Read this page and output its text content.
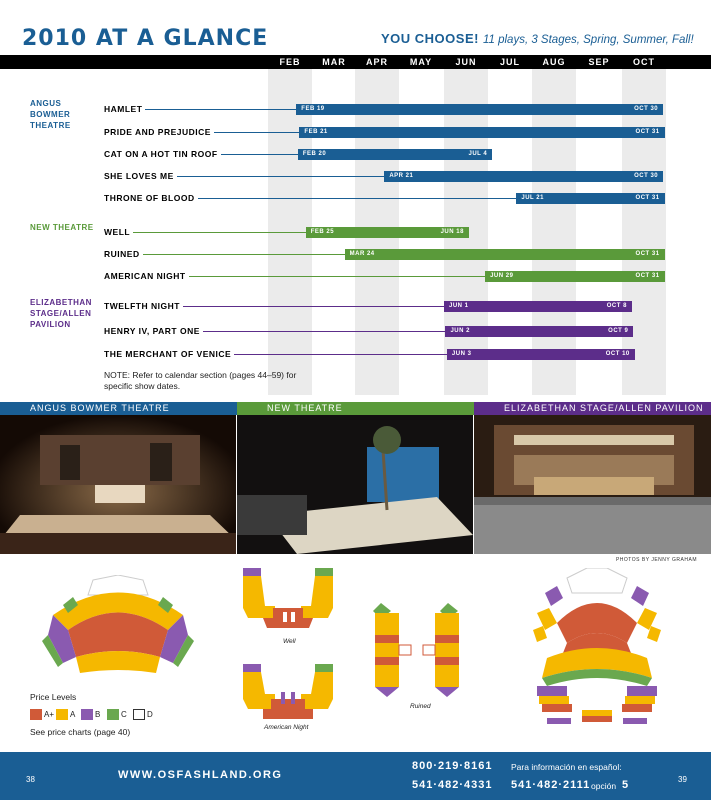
2010 AT A GLANCE	YOU CHOOSE! 11 plays, 3 Stages, Spring, Summer, Fall!
FEB	MAR	APR	MAY	JUN	JUL	AUG	SEP	OCT
ANGUS BOWMER THEATRE
HAMLET	FEB 19	OCT 30
PRIDE AND PREJUDICE	FEB 21	OCT 31
CAT ON A HOT TIN ROOF	FEB 20	JUL 4
SHE LOVES ME	APR 21	OCT 30
THRONE OF BLOOD	JUL 21	OCT 31
NEW THEATRE	WELL	FEB 25	JUN 18
RUINED	MAR 24	OCT 31
AMERICAN NIGHT	JUN 29	OCT 31
ELIZABETHAN STAGE/ALLEN PAVILION
TWELFTH NIGHT	JUN 1	OCT 8
HENRY IV, PART ONE	JUN 2	OCT 9
THE MERCHANT OF VENICE	JUN 3	OCT 10
NOTE: Refer to calendar section (pages 44–59) for specific show dates.
ANGUS BOWMER THEATRE	NEW THEATRE	ELIZABETHAN STAGE/ALLEN PAVILION
PHOTOS BY JENNY GRAHAM
Well
American Night
Ruined
Price Levels
A+ A B	C	D
See price charts (page 40)
38	WWW.OSFASHLAND.ORG
800·219·8161
541·482·4331
Para información en español:
541·482·2111 opción 5	39
